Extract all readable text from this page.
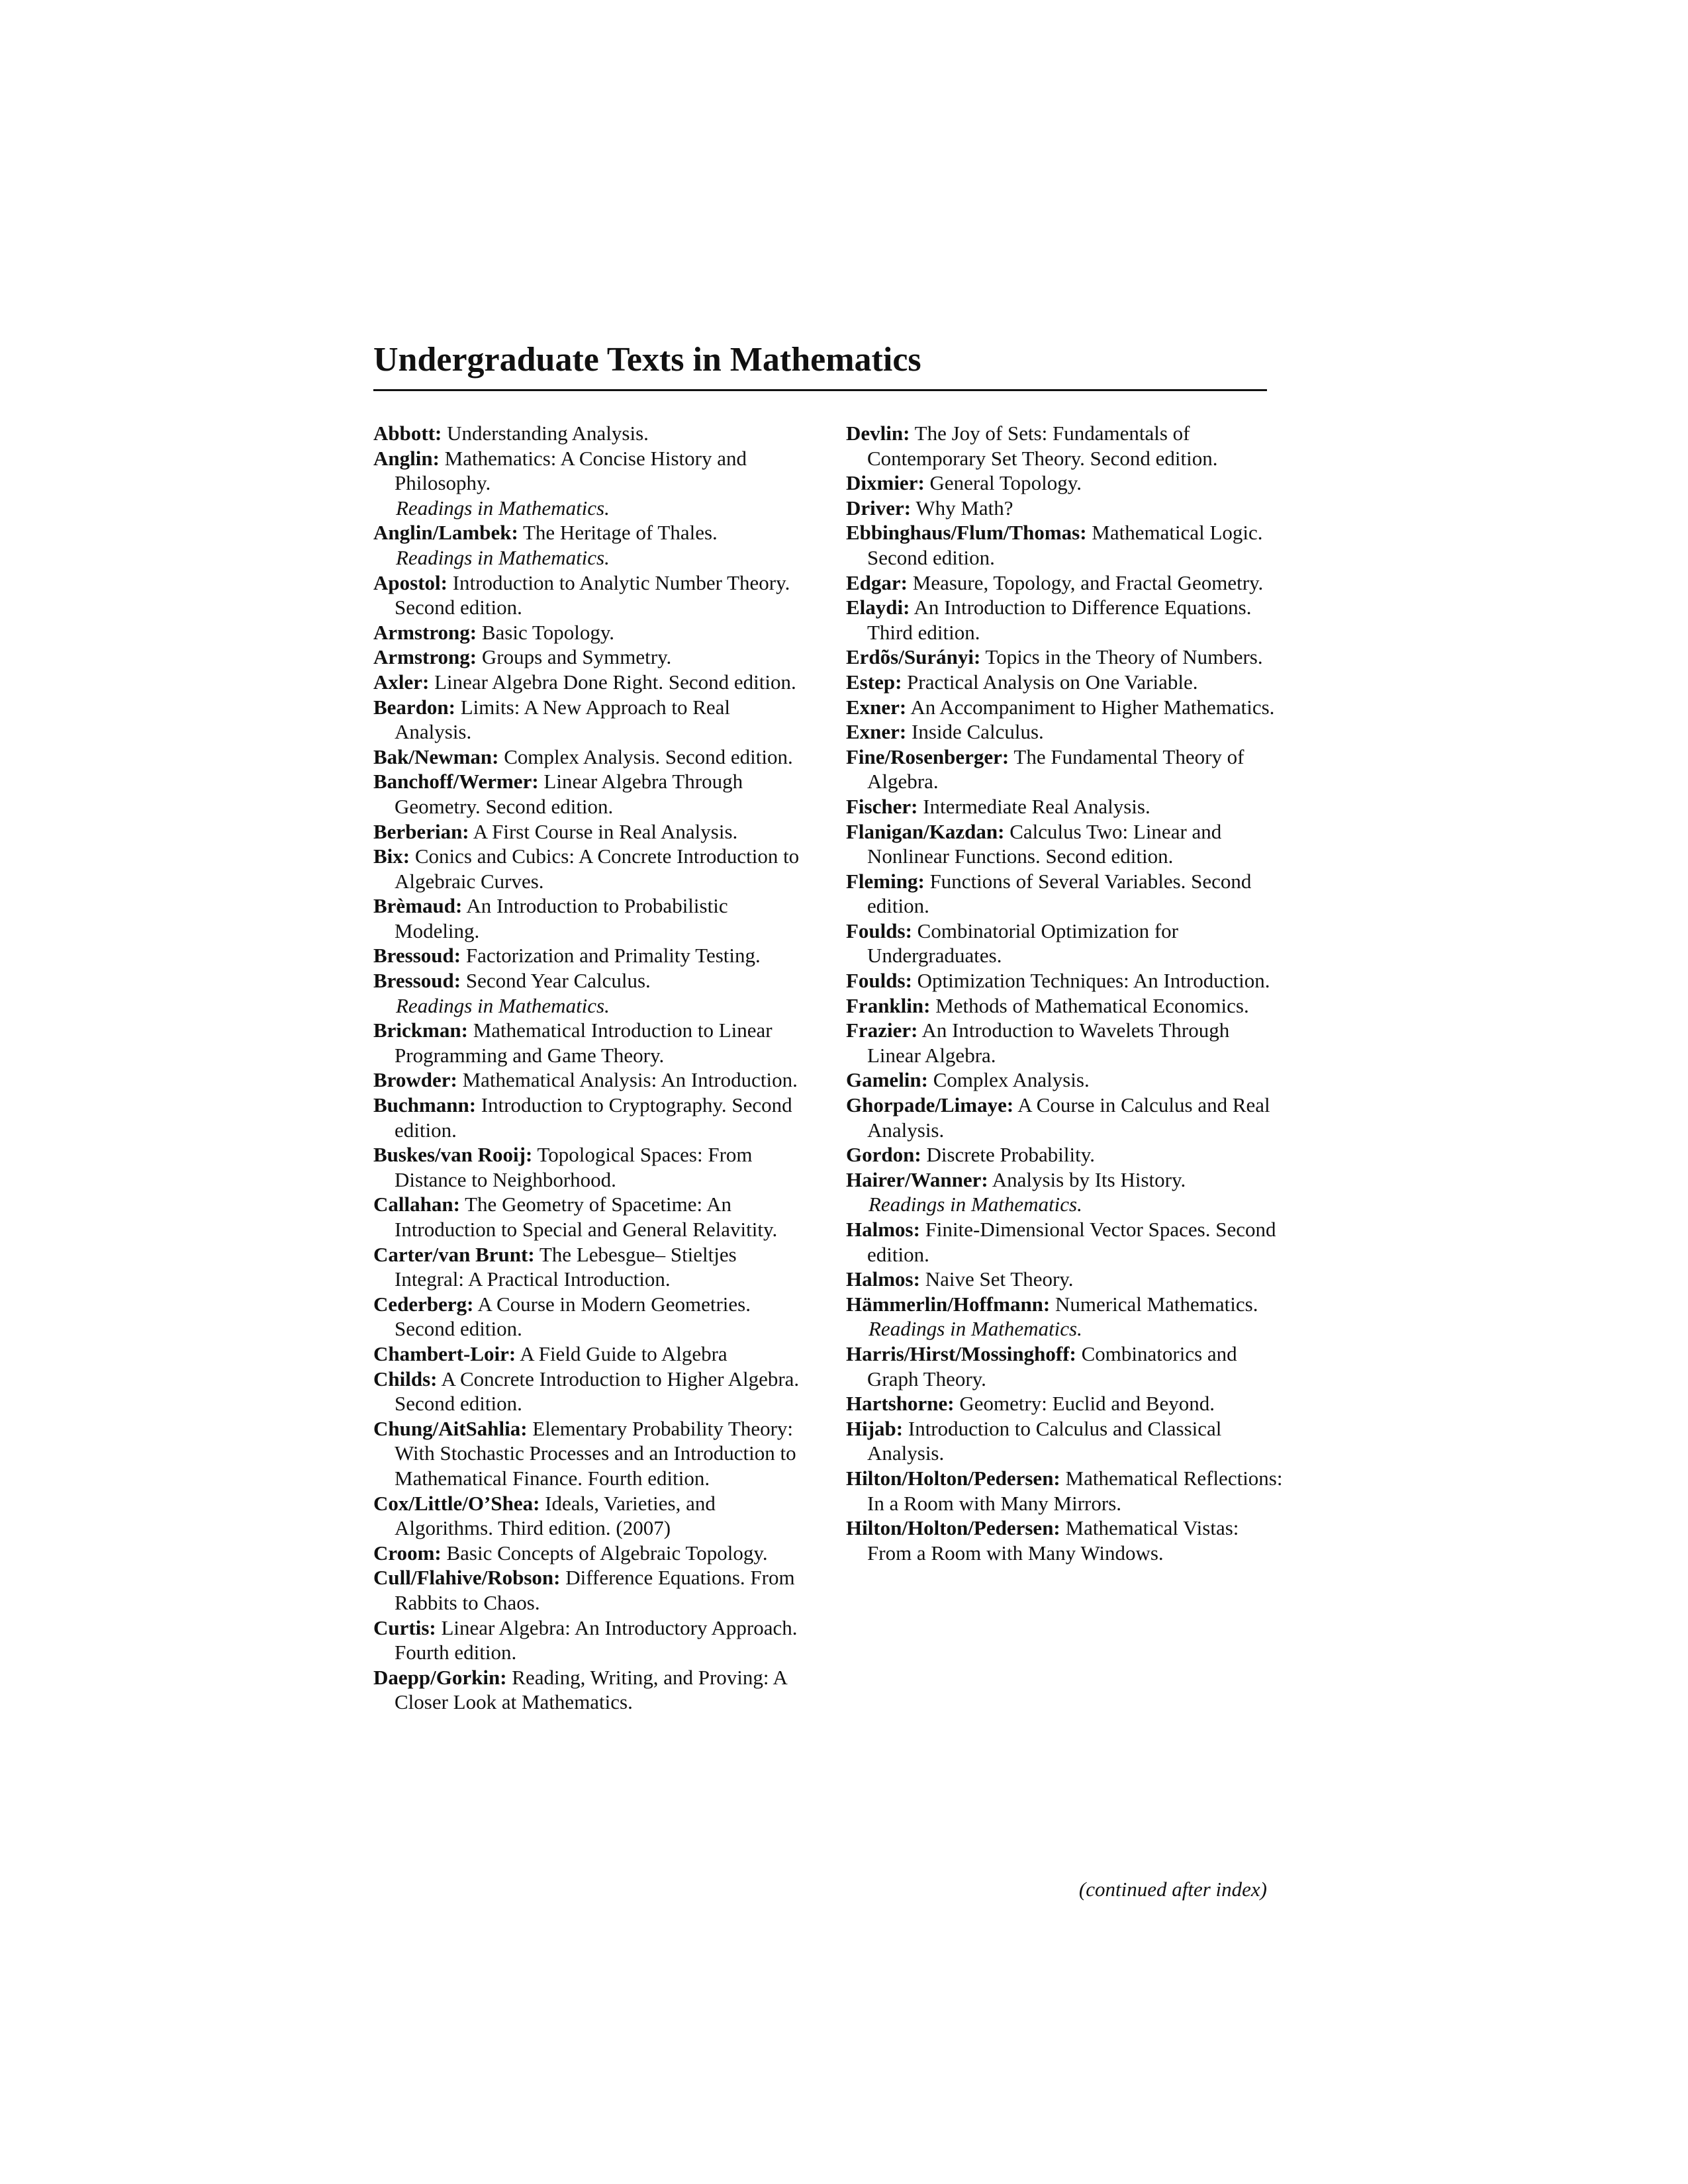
Undergraduate Texts in Mathematics

Abbott: Understanding Analysis.

Anglin: Mathematics: A Concise History and Philosophy.

Readings in Mathematics.

Anglin/Lambek: The Heritage of Thales.

Readings in Mathematics.

Apostol: Introduction to Analytic Number Theory. Second edition.

Armstrong: Basic Topology.

Armstrong: Groups and Symmetry.

Axler: Linear Algebra Done Right. Second edition.

Beardon: Limits: A New Approach to Real Analysis.

Bak/Newman: Complex Analysis. Second edition.

Banchoff/Wermer: Linear Algebra Through Geometry. Second edition.

Berberian: A First Course in Real Analysis.

Bix: Conics and Cubics: A Concrete Introduction to Algebraic Curves.

Brèmaud: An Introduction to Probabilistic Modeling.

Bressoud: Factorization and Primality Testing.

Bressoud: Second Year Calculus.

Readings in Mathematics.

Brickman: Mathematical Introduction to Linear Programming and Game Theory.

Browder: Mathematical Analysis: An Introduction.

Buchmann: Introduction to Cryptography. Second edition.

Buskes/van Rooij: Topological Spaces: From Distance to Neighborhood.

Callahan: The Geometry of Spacetime: An Introduction to Special and General Relavitity.

Carter/van Brunt: The Lebesgue– Stieltjes Integral: A Practical Introduction.

Cederberg: A Course in Modern Geometries. Second edition.

Chambert-Loir: A Field Guide to Algebra

Childs: A Concrete Introduction to Higher Algebra. Second edition.

Chung/AitSahlia: Elementary Probability Theory: With Stochastic Processes and an Introduction to Mathematical Finance. Fourth edition.

Cox/Little/O’Shea: Ideals, Varieties, and Algorithms. Third edition. (2007)

Croom: Basic Concepts of Algebraic Topology.

Cull/Flahive/Robson: Difference Equations. From Rabbits to Chaos.

Curtis: Linear Algebra: An Introductory Approach. Fourth edition.

Daepp/Gorkin: Reading, Writing, and Proving: A Closer Look at Mathematics.

Devlin: The Joy of Sets: Fundamentals of Contemporary Set Theory. Second edition.

Dixmier: General Topology.

Driver: Why Math?

Ebbinghaus/Flum/Thomas: Mathematical Logic. Second edition.

Edgar: Measure, Topology, and Fractal Geometry.

Elaydi: An Introduction to Difference Equations. Third edition.

Erdõs/Surányi: Topics in the Theory of Numbers.

Estep: Practical Analysis on One Variable.

Exner: An Accompaniment to Higher Mathematics.

Exner: Inside Calculus.

Fine/Rosenberger: The Fundamental Theory of Algebra.

Fischer: Intermediate Real Analysis.

Flanigan/Kazdan: Calculus Two: Linear and Nonlinear Functions. Second edition.

Fleming: Functions of Several Variables. Second edition.

Foulds: Combinatorial Optimization for Undergraduates.

Foulds: Optimization Techniques: An Introduction.

Franklin: Methods of Mathematical Economics.

Frazier: An Introduction to Wavelets Through Linear Algebra.

Gamelin: Complex Analysis.

Ghorpade/Limaye: A Course in Calculus and Real Analysis.

Gordon: Discrete Probability.

Hairer/Wanner: Analysis by Its History.

Readings in Mathematics.

Halmos: Finite-Dimensional Vector Spaces. Second edition.

Halmos: Naive Set Theory.

Hämmerlin/Hoffmann: Numerical Mathematics.

Readings in Mathematics.

Harris/Hirst/Mossinghoff: Combinatorics and Graph Theory.

Hartshorne: Geometry: Euclid and Beyond.

Hijab: Introduction to Calculus and Classical Analysis.

Hilton/Holton/Pedersen: Mathematical Reflections: In a Room with Many Mirrors.

Hilton/Holton/Pedersen: Mathematical Vistas: From a Room with Many Windows.

(continued after index)
